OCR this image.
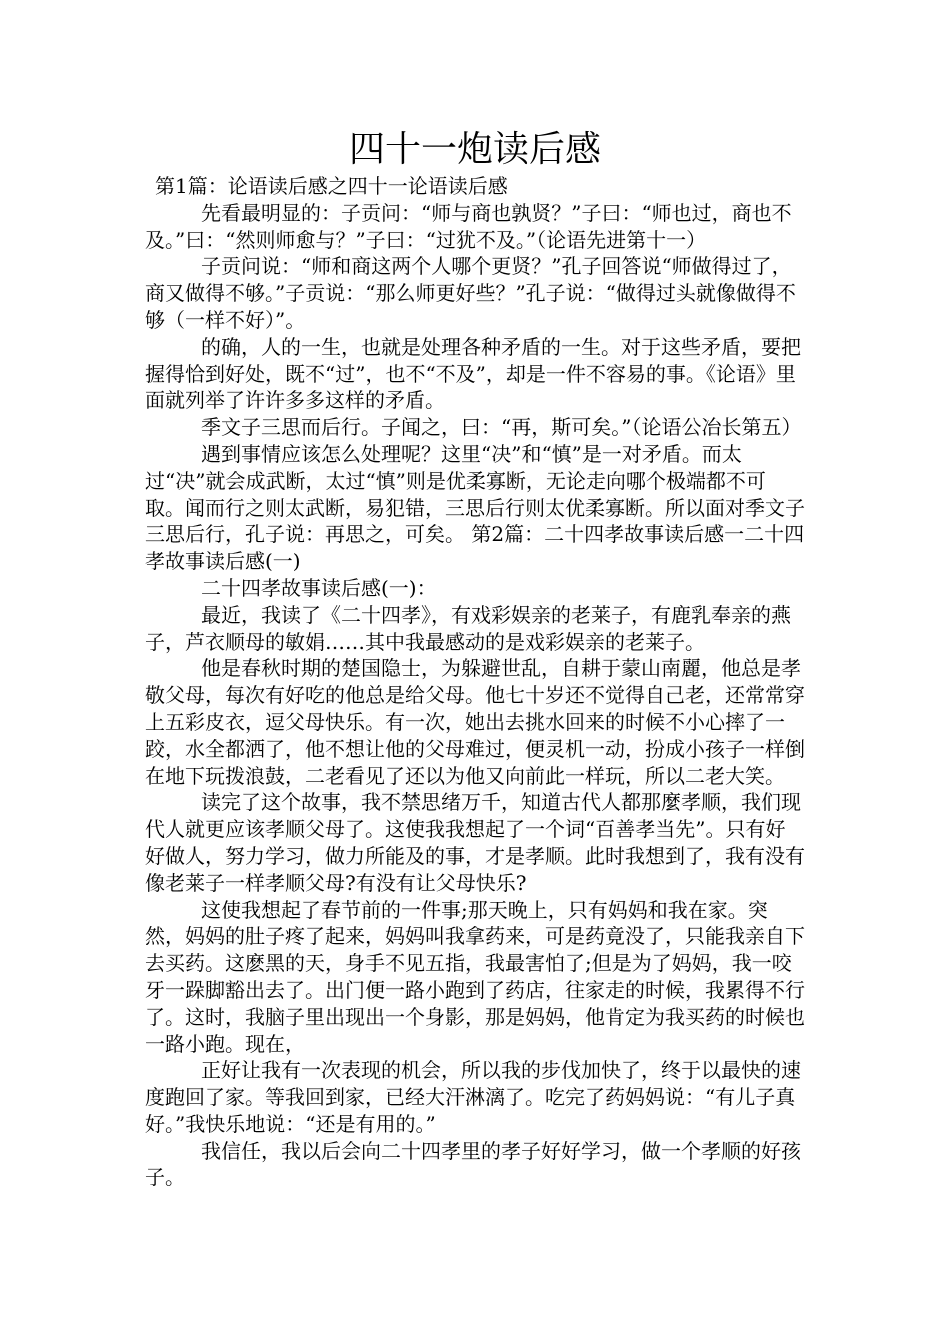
四十一炮读后感

第1篇：论语读后感之四十一论语读后感

先看最明显的：子贡问：“师与商也孰贤？”子曰：“师也过，商也不及。”曰：“然则师愈与？”子曰：“过犹不及。”（论语先进第十一）

子贡问说：“师和商这两个人哪个更贤？”孔子回答说“师做得过了，商又做得不够。”子贡说：“那么师更好些？”孔子说：“做得过头就像做得不够（一样不好）”。

的确，人的一生，也就是处理各种矛盾的一生。对于这些矛盾，要把握得恰到好处，既不“过”，也不“不及”，却是一件不容易的事。《论语》里面就列举了许许多多这样的矛盾。

季文子三思而后行。子闻之，曰：“再，斯可矣。”（论语公冶长第五）

遇到事情应该怎么处理呢？这里“决”和“慎”是一对矛盾。而太过“决”就会成武断，太过“慎”则是优柔寡断，无论走向哪个极端都不可取。闻而行之则太武断，易犯错，三思后行则太优柔寡断。所以面对季文子三思后行，孔子说：再思之，可矣。 第2篇：二十四孝故事读后感一二十四孝故事读后感(一)

二十四孝故事读后感(一)：

最近，我读了《二十四孝》，有戏彩娱亲的老莱子，有鹿乳奉亲的燕子，芦衣顺母的敏娟……其中我最感动的是戏彩娱亲的老莱子。

他是春秋时期的楚国隐士，为躲避世乱，自耕于蒙山南麗，他总是孝敬父母，每次有好吃的他总是给父母。他七十岁还不觉得自己老，还常常穿上五彩皮衣，逗父母快乐。有一次，她出去挑水回来的时候不小心摔了一跤，水全都洒了，他不想让他的父母难过，便灵机一动，扮成小孩子一样倒在地下玩拨浪鼓，二老看见了还以为他又向前此一样玩，所以二老大笑。

读完了这个故事，我不禁思绪万千，知道古代人都那麼孝顺，我们现代人就更应该孝顺父母了。这使我我想起了一个词“百善孝当先”。只有好好做人，努力学习，做力所能及的事，才是孝顺。此时我想到了，我有没有像老莱子一样孝顺父母?有没有让父母快乐?

这使我想起了春节前的一件事;那天晚上，只有妈妈和我在家。突然，妈妈的肚子疼了起来，妈妈叫我拿药来，可是药竟没了，只能我亲自下去买药。这麽黑的天，身手不见五指，我最害怕了;但是为了妈妈，我一咬牙一跺脚豁出去了。出门便一路小跑到了药店，往家走的时候，我累得不行了。这时，我脑子里出现出一个身影，那是妈妈，他肯定为我买药的时候也一路小跑。现在，

正好让我有一次表现的机会，所以我的步伐加快了，终于以最快的速度跑回了家。等我回到家，已经大汗淋漓了。吃完了药妈妈说：“有儿子真好。”我快乐地说：“还是有用的。”

我信任，我以后会向二十四孝里的孝子好好学习，做一个孝顺的好孩子。
